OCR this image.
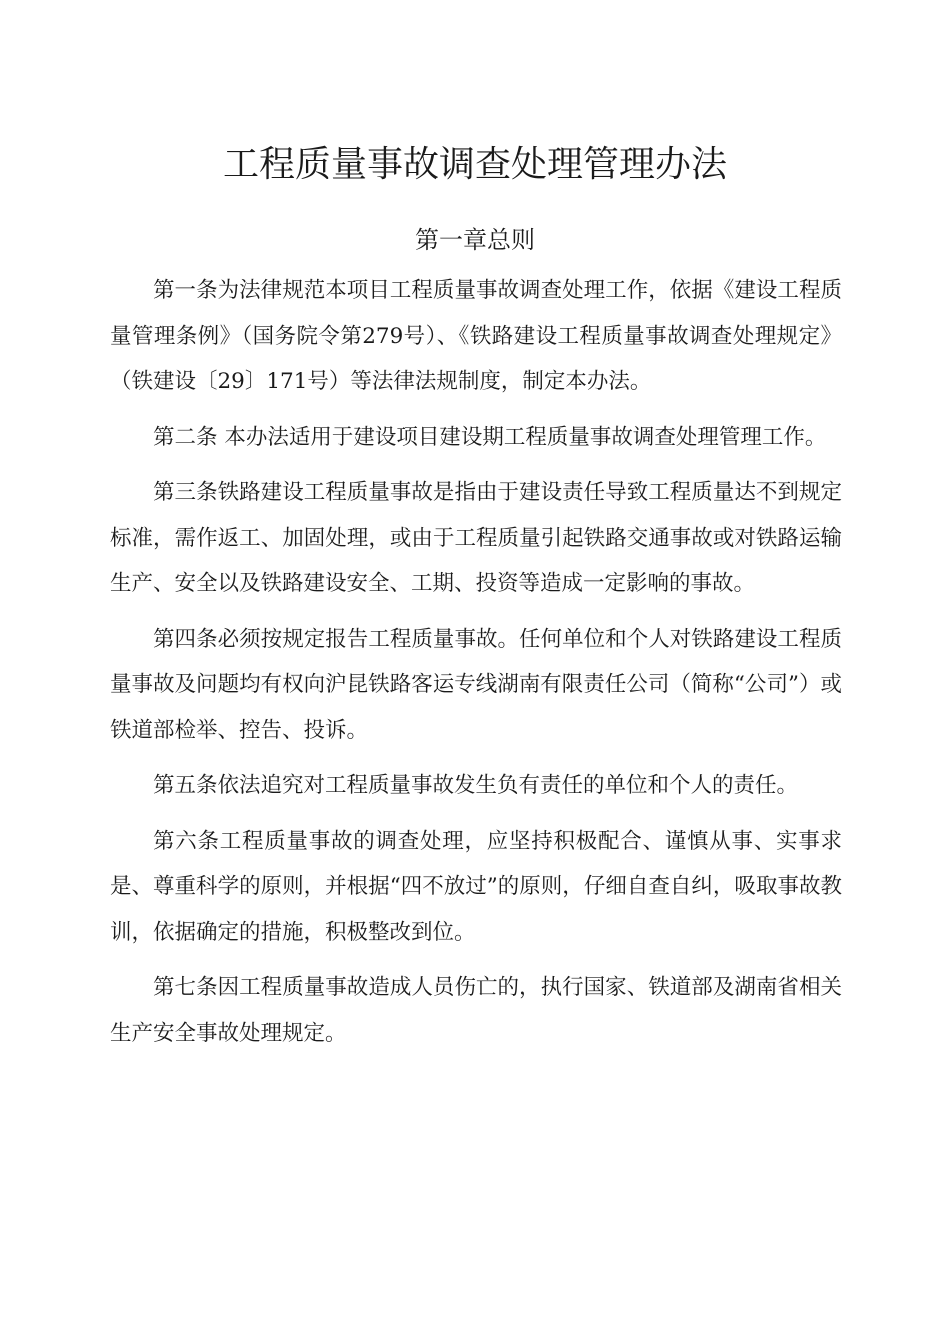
工程质量事故调查处理管理办法
第一章总则

第一条为法律规范本项目工程质量事故调查处理工作，依据《建设工程质量管理条例》（国务院令第279号）、《铁路建设工程质量事故调查处理规定》（铁建设〔29〕171号）等法律法规制度，制定本办法。

第二条 本办法适用于建设项目建设期工程质量事故调查处理管理工作。

第三条铁路建设工程质量事故是指由于建设责任导致工程质量达不到规定标准，需作返工、加固处理，或由于工程质量引起铁路交通事故或对铁路运输生产、安全以及铁路建设安全、工期、投资等造成一定影响的事故。

第四条必须按规定报告工程质量事故。任何单位和个人对铁路建设工程质量事故及问题均有权向沪昆铁路客运专线湖南有限责任公司（简称“公司”）或铁道部检举、控告、投诉。

第五条依法追究对工程质量事故发生负有责任的单位和个人的责任。

第六条工程质量事故的调查处理，应坚持积极配合、谨慎从事、实事求是、尊重科学的原则，并根据“四不放过”的原则，仔细自查自纠，吸取事故教训，依据确定的措施，积极整改到位。

第七条因工程质量事故造成人员伤亡的，执行国家、铁道部及湖南省相关生产安全事故处理规定。
